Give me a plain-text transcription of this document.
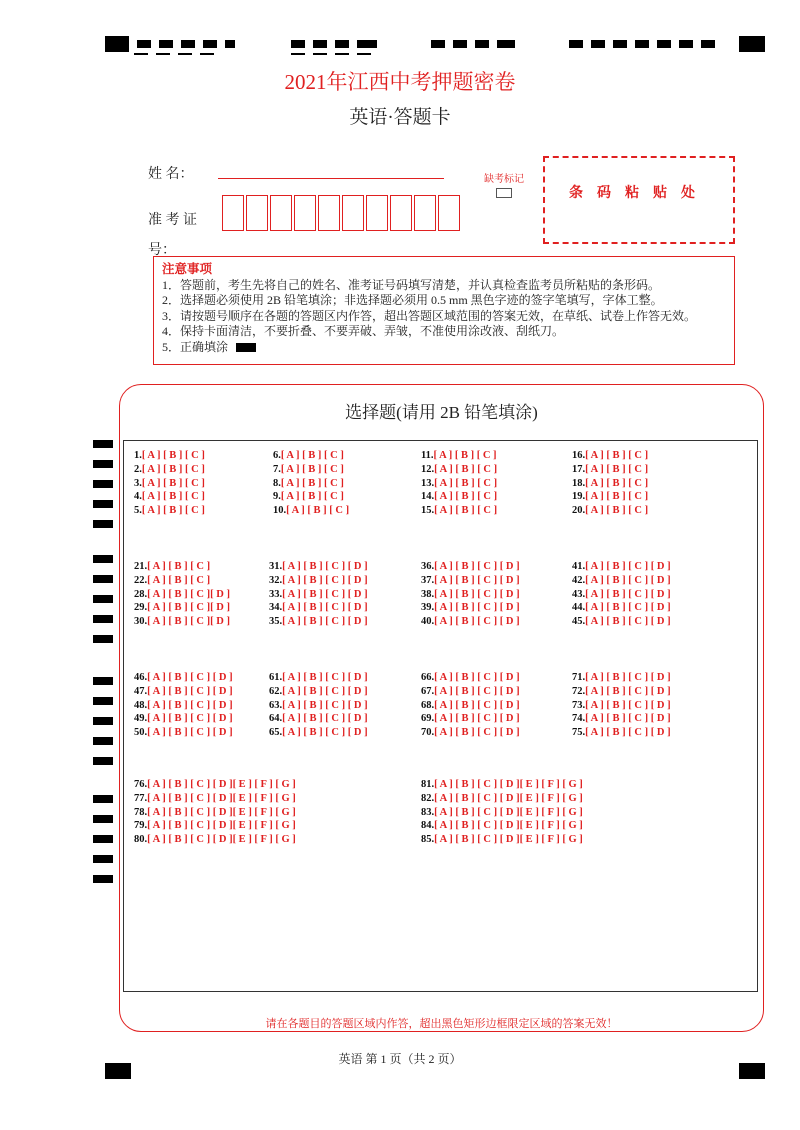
2021年江西中考押题密卷
英语·答题卡
姓 名：
准 考 证 号：
缺考标记
条码粘贴处
注意事项
1．答题前，考生先将自己的姓名、准考证号码填写清楚，并认真检查监考员所粘贴的条形码。
2．选择题必须使用 2B 铅笔填涂；非选择题必须用 0.5 mm 黑色字迹的签字笔填写，字体工整。
3．请按题号顺序在各题的答题区内作答，超出答题区域范围的答案无效，在草纸、试卷上作答无效。
4．保持卡面清洁，不要折叠、不要弄破、弄皱，不准使用涂改液、刮纸刀。
5．正确填涂
选择题(请用 2B 铅笔填涂)
1.[ A ] [ B ] [ C ]
2.[ A ] [ B ] [ C ]
3.[ A ] [ B ] [ C ]
4.[ A ] [ B ] [ C ]
5.[ A ] [ B ] [ C ]
6.[ A ] [ B ] [ C ]
7.[ A ] [ B ] [ C ]
8.[ A ] [ B ] [ C ]
9.[ A ] [ B ] [ C ]
10.[ A ] [ B ] [ C ]
11.[ A ] [ B ] [ C ]
12.[ A ] [ B ] [ C ]
13.[ A ] [ B ] [ C ]
14.[ A ] [ B ] [ C ]
15.[ A ] [ B ] [ C ]
16.[ A ] [ B ] [ C ]
17.[ A ] [ B ] [ C ]
18.[ A ] [ B ] [ C ]
19.[ A ] [ B ] [ C ]
20.[ A ] [ B ] [ C ]
21.[ A ] [ B ] [ C ]
22.[ A ] [ B ] [ C ]
28.[ A ] [ B ] [ C ][ D ]
29.[ A ] [ B ] [ C ][ D ]
30.[ A ] [ B ] [ C ][ D ]
31.[ A ] [ B ] [ C ] [ D ]
32.[ A ] [ B ] [ C ] [ D ]
33.[ A ] [ B ] [ C ] [ D ]
34.[ A ] [ B ] [ C ] [ D ]
35.[ A ] [ B ] [ C ] [ D ]
36.[ A ] [ B ] [ C ] [ D ]
37.[ A ] [ B ] [ C ] [ D ]
38.[ A ] [ B ] [ C ] [ D ]
39.[ A ] [ B ] [ C ] [ D ]
40.[ A ] [ B ] [ C ] [ D ]
41.[ A ] [ B ] [ C ] [ D ]
42.[ A ] [ B ] [ C ] [ D ]
43.[ A ] [ B ] [ C ] [ D ]
44.[ A ] [ B ] [ C ] [ D ]
45.[ A ] [ B ] [ C ] [ D ]
46.[ A ] [ B ] [ C ] [ D ]
47.[ A ] [ B ] [ C ] [ D ]
48.[ A ] [ B ] [ C ] [ D ]
49.[ A ] [ B ] [ C ] [ D ]
50.[ A ] [ B ] [ C ] [ D ]
61.[ A ] [ B ] [ C ] [ D ]
62.[ A ] [ B ] [ C ] [ D ]
63.[ A ] [ B ] [ C ] [ D ]
64.[ A ] [ B ] [ C ] [ D ]
65.[ A ] [ B ] [ C ] [ D ]
66.[ A ] [ B ] [ C ] [ D ]
67.[ A ] [ B ] [ C ] [ D ]
68.[ A ] [ B ] [ C ] [ D ]
69.[ A ] [ B ] [ C ] [ D ]
70.[ A ] [ B ] [ C ] [ D ]
71.[ A ] [ B ] [ C ] [ D ]
72.[ A ] [ B ] [ C ] [ D ]
73.[ A ] [ B ] [ C ] [ D ]
74.[ A ] [ B ] [ C ] [ D ]
75.[ A ] [ B ] [ C ] [ D ]
76.[ A ] [ B ] [ C ] [ D ][ E ] [ F ] [ G ]
77.[ A ] [ B ] [ C ] [ D ][ E ] [ F ] [ G ]
78.[ A ] [ B ] [ C ] [ D ][ E ] [ F ] [ G ]
79.[ A ] [ B ] [ C ] [ D ][ E ] [ F ] [ G ]
80.[ A ] [ B ] [ C ] [ D ][ E ] [ F ] [ G ]
81.[ A ] [ B ] [ C ] [ D ][ E ] [ F ] [ G ]
82.[ A ] [ B ] [ C ] [ D ][ E ] [ F ] [ G ]
83.[ A ] [ B ] [ C ] [ D ][ E ] [ F ] [ G ]
84.[ A ] [ B ] [ C ] [ D ][ E ] [ F ] [ G ]
85.[ A ] [ B ] [ C ] [ D ][ E ] [ F ] [ G ]
请在各题目的答题区域内作答，超出黑色矩形边框限定区域的答案无效！
英语 第 1 页（共 2 页）
